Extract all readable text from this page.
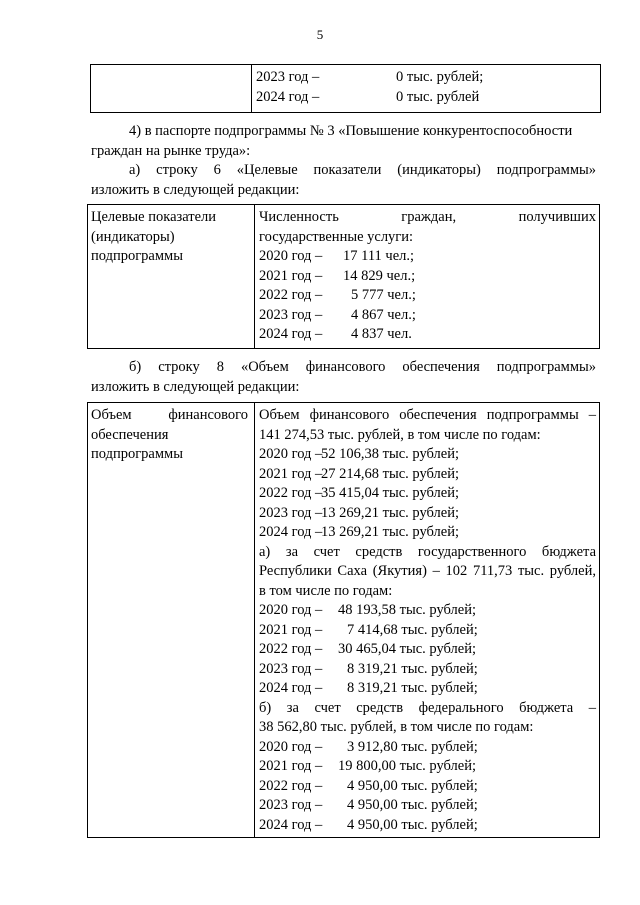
5

2023 год –	0 тыс. рублей;
2024 год –	0 тыс. рублей
4) в паспорте подпрограммы № 3 «Повышение конкурентоспособности
граждан на рынке труда»:
а) строку 6 «Целевые показатели (индикаторы) подпрограммы»
изложить в следующей редакции:
Целевые показатели
(индикаторы)
подпрограммы

Численность граждан, получивших
государственные услуги:
2020 год – 17 111 чел.;
2021 год – 14 829 чел.;
2022 год – 5 777 чел.;
2023 год – 4 867 чел.;
2024 год – 4 837 чел.
б) строку 8 «Объем финансового обеспечения подпрограммы»
изложить в следующей редакции:
Объем финансового
обеспечения
подпрограммы

Объем финансового обеспечения подпрограммы –
141 274,53 тыс. рублей, в том числе по годам:
2020 год –52 106,38 тыс. рублей;
2021 год –27 214,68 тыс. рублей;
2022 год –35 415,04 тыс. рублей;
2023 год –13 269,21 тыс. рублей;
2024 год –13 269,21 тыс. рублей;
а) за счет средств государственного бюджета
Республики Саха (Якутия) – 102 711,73 тыс. рублей,
в том числе по годам:
2020 год – 48 193,58 тыс. рублей;
2021 год – 7 414,68 тыс. рублей;
2022 год – 30 465,04 тыс. рублей;
2023 год – 8 319,21 тыс. рублей;
2024 год – 8 319,21 тыс. рублей;
б) за счет средств федерального бюджета –
38 562,80 тыс. рублей, в том числе по годам:
2020 год – 3 912,80 тыс. рублей;
2021 год – 19 800,00 тыс. рублей;
2022 год – 4 950,00 тыс. рублей;
2023 год – 4 950,00 тыс. рублей;
2024 год – 4 950,00 тыс. рублей;
